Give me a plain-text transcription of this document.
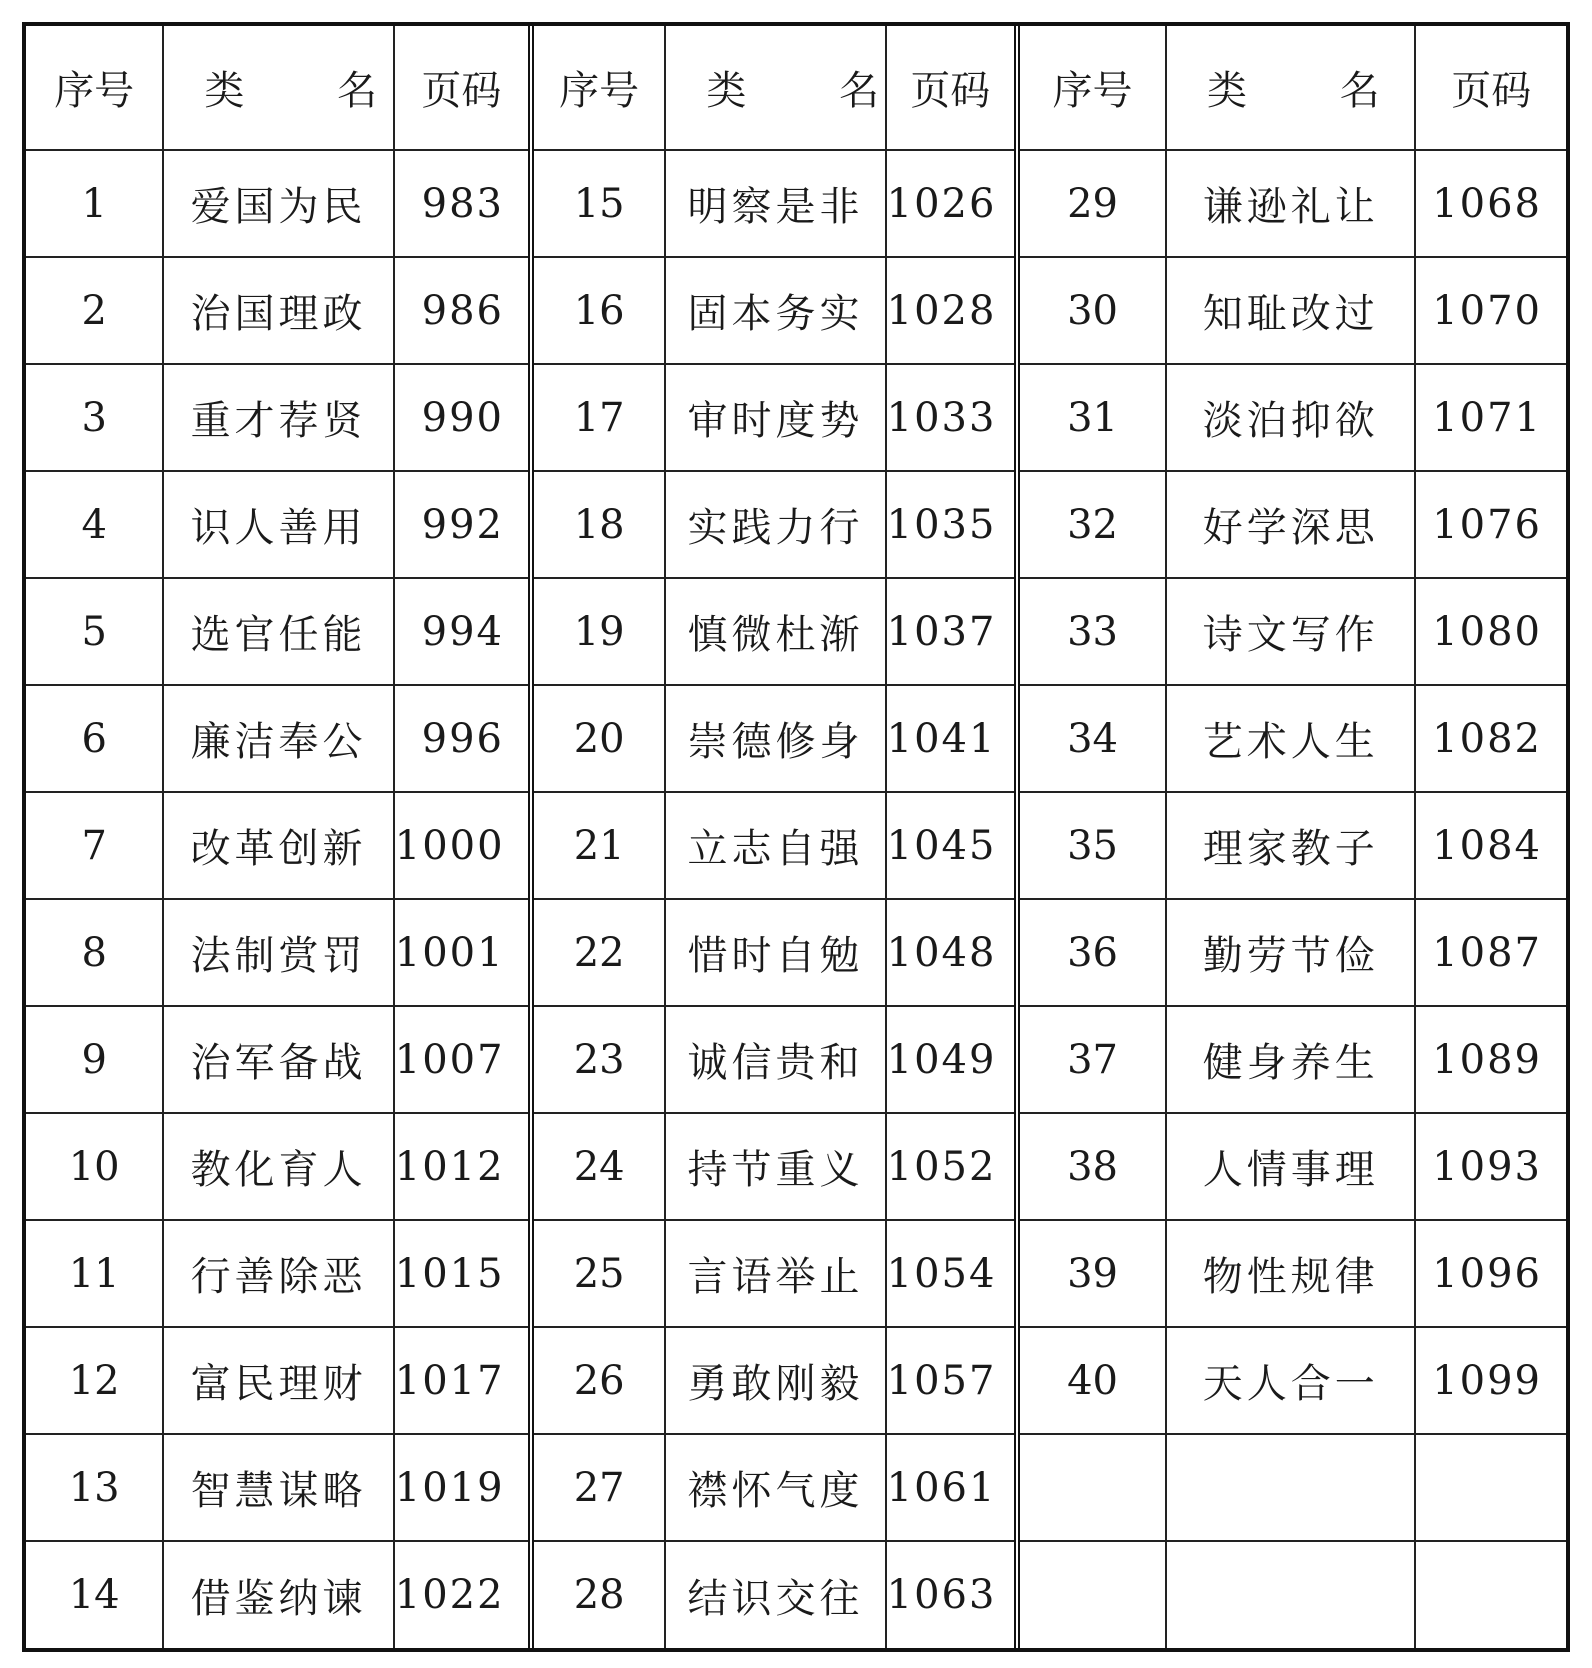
序号	类 名	页码
1	爱国为民	983
2	治国理政	986
3	重才荐贤	990
4	识人善用	992
5	选官任能	994
6	廉洁奉公	996
7	改革创新	1000
8	法制赏罚	1001
9	治军备战	1007
10	教化育人	1012
11	行善除恶	1015
12	富民理财	1017
13	智慧谋略	1019
14	借鉴纳谏	1022
序号	类 名	页码
15	明察是非	1026
16	固本务实	1028
17	审时度势	1033
18	实践力行	1035
19	慎微杜渐	1037
20	崇德修身	1041
21	立志自强	1045
22	惜时自勉	1048
23	诚信贵和	1049
24	持节重义	1052
25	言语举止	1054
26	勇敢刚毅	1057
27	襟怀气度	1061
28	结识交往	1063
序号	类 名	页码
29	谦逊礼让	1068
30	知耻改过	1070
31	淡泊抑欲	1071
32	好学深思	1076
33	诗文写作	1080
34	艺术人生	1082
35	理家教子	1084
36	勤劳节俭	1087
37	健身养生	1089
38	人情事理	1093
39	物性规律	1096
40	天人合一	1099
